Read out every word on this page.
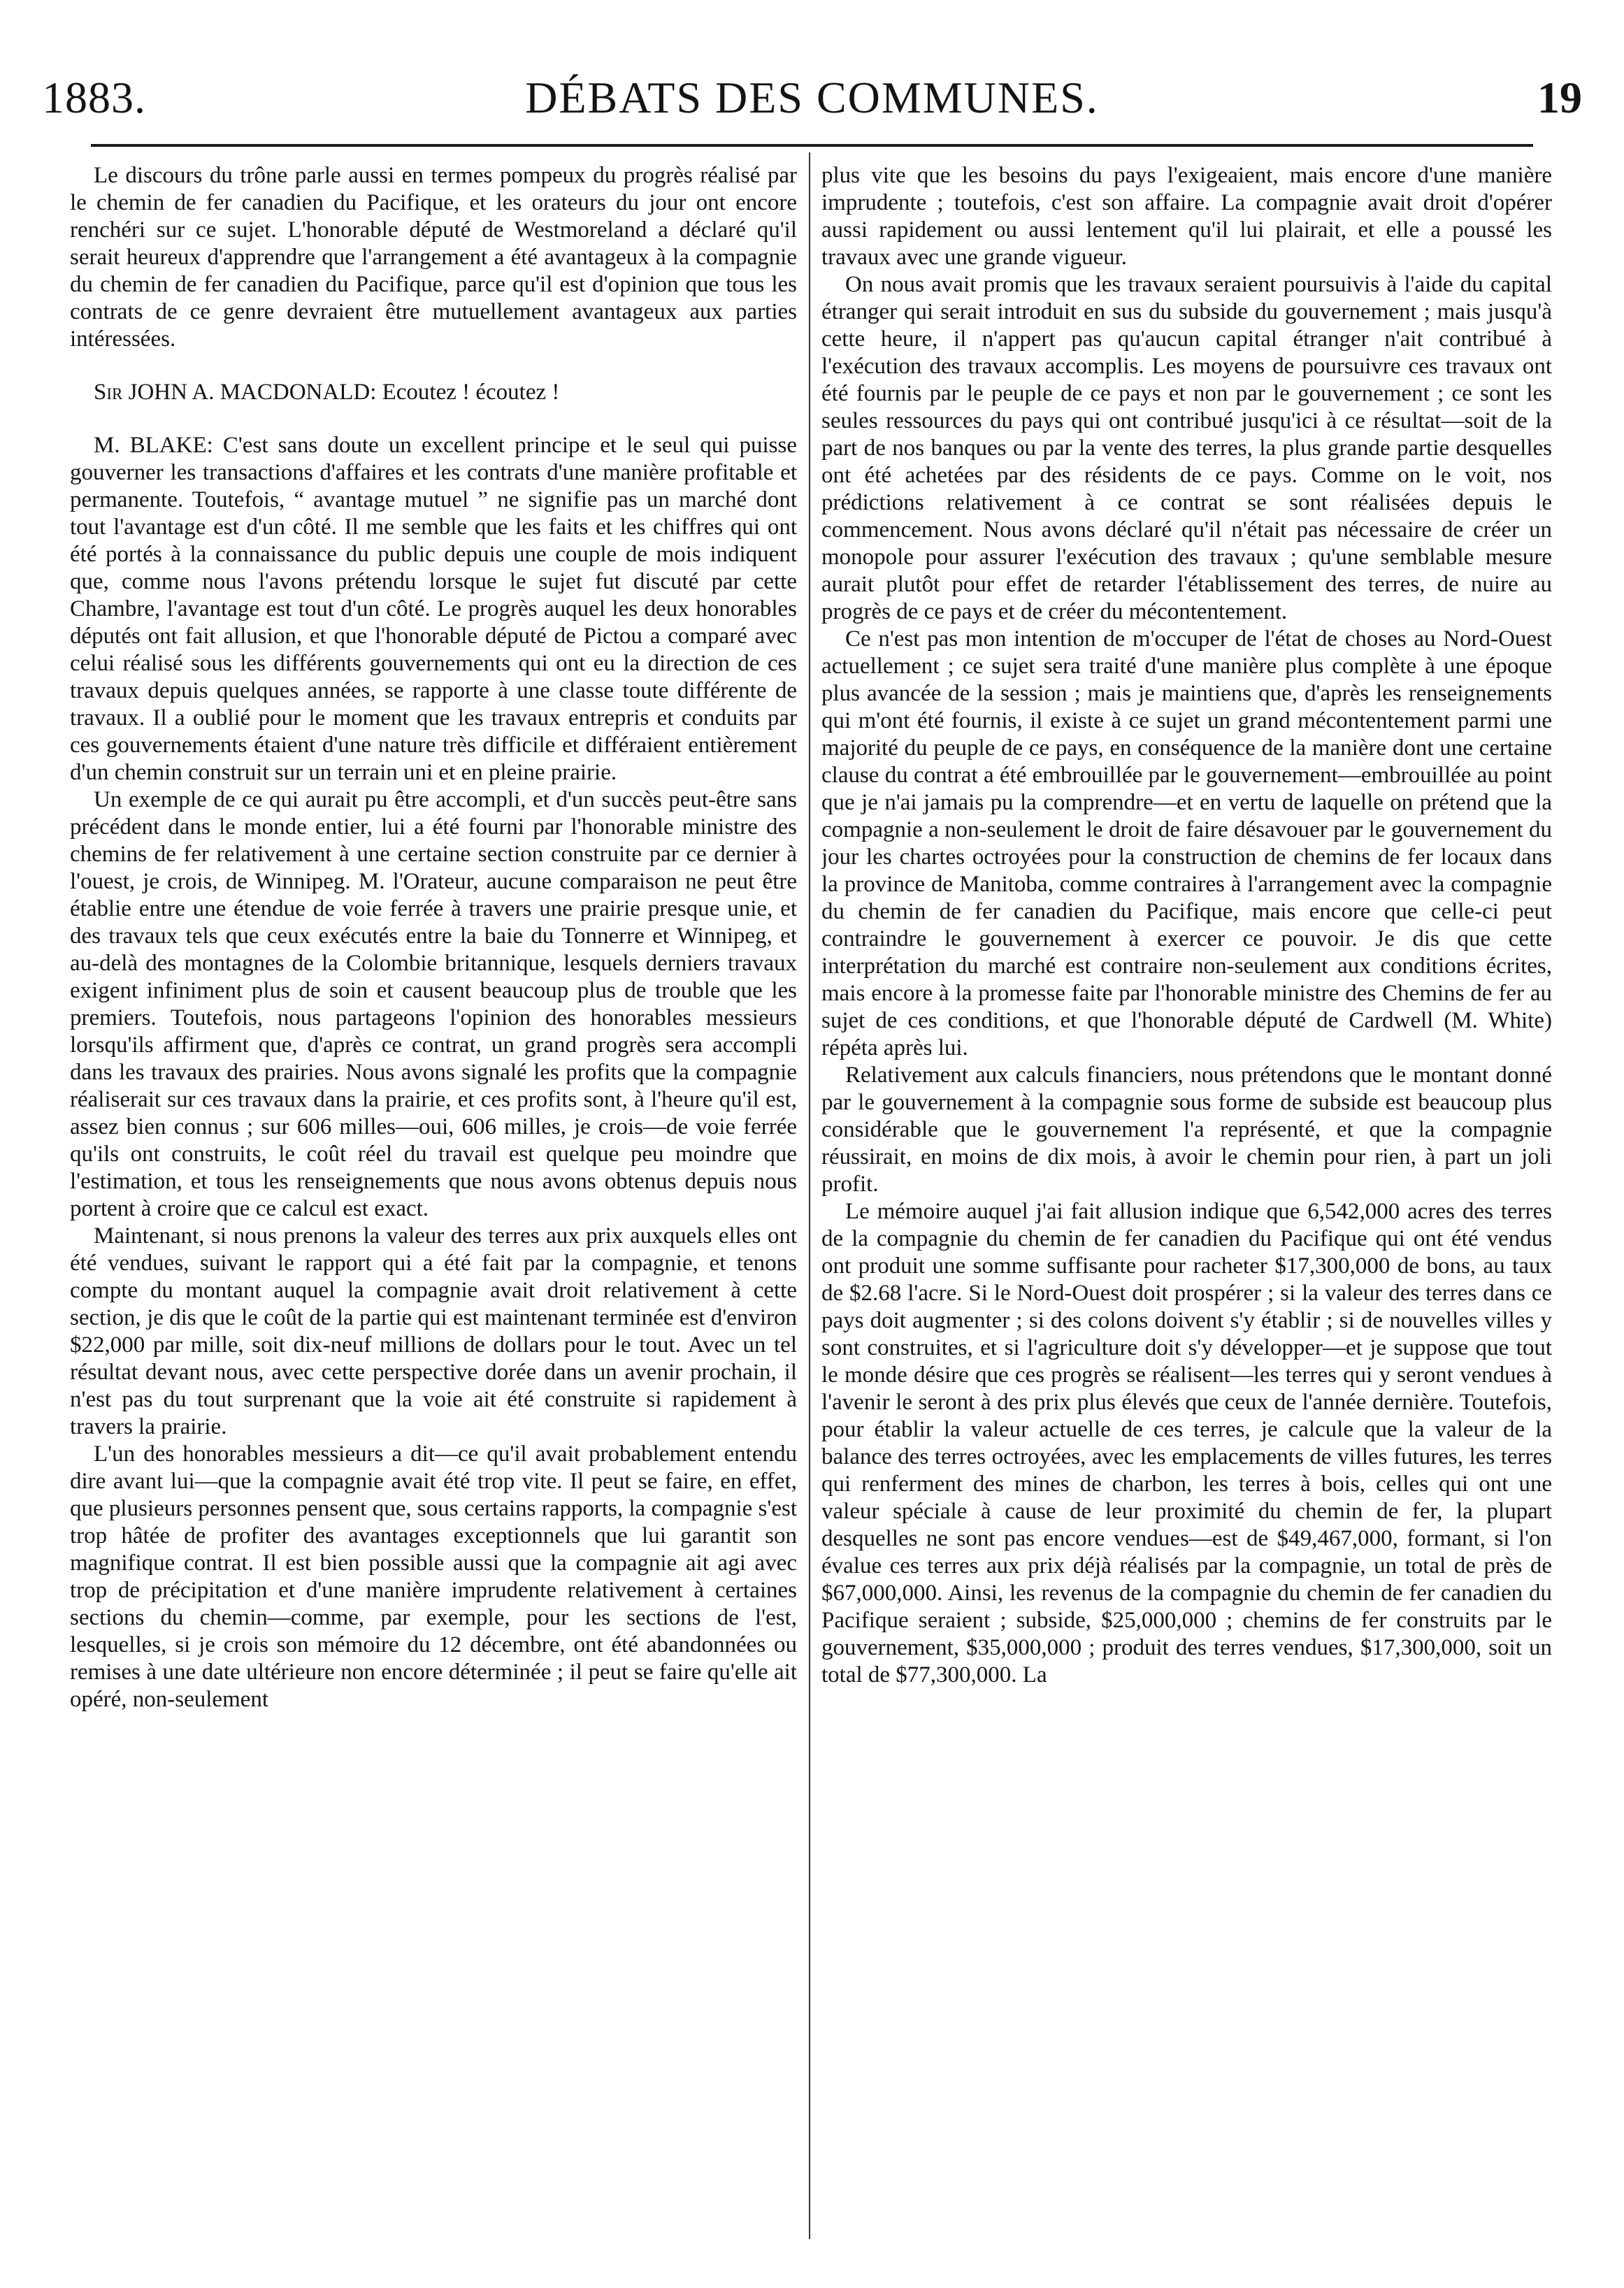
1883.	DÉBATS DES COMMUNES.	19

Le discours du trône parle aussi en termes pompeux du progrès réalisé par le chemin de fer canadien du Pacifique, et les orateurs du jour ont encore renchéri sur ce sujet. L'honorable député de Westmoreland a déclaré qu'il serait heureux d'apprendre que l'arrangement a été avantageux à la compagnie du chemin de fer canadien du Pacifique, parce qu'il est d'opinion que tous les contrats de ce genre devraient être mutuellement avantageux aux parties intéressées.

Sir JOHN A. MACDONALD: Ecoutez ! écoutez !

M. BLAKE: C'est sans doute un excellent principe et le seul qui puisse gouverner les transactions d'affaires et les contrats d'une manière profitable et permanente. Toutefois, “ avantage mutuel ” ne signifie pas un marché dont tout l'avantage est d'un côté. Il me semble que les faits et les chiffres qui ont été portés à la connaissance du public depuis une couple de mois indiquent que, comme nous l'avons prétendu lorsque le sujet fut discuté par cette Chambre, l'avantage est tout d'un côté. Le progrès auquel les deux honorables députés ont fait allusion, et que l'honorable député de Pictou a comparé avec celui réalisé sous les différents gouvernements qui ont eu la direction de ces travaux depuis quelques années, se rapporte à une classe toute différente de travaux. Il a oublié pour le moment que les travaux entrepris et conduits par ces gouvernements étaient d'une nature très difficile et différaient entièrement d'un chemin construit sur un terrain uni et en pleine prairie.

Un exemple de ce qui aurait pu être accompli, et d'un succès peut-être sans précédent dans le monde entier, lui a été fourni par l'honorable ministre des chemins de fer relativement à une certaine section construite par ce dernier à l'ouest, je crois, de Winnipeg. M. l'Orateur, aucune comparaison ne peut être établie entre une étendue de voie ferrée à travers une prairie presque unie, et des travaux tels que ceux exécutés entre la baie du Tonnerre et Winnipeg, et au-delà des montagnes de la Colombie britannique, lesquels derniers travaux exigent infiniment plus de soin et causent beaucoup plus de trouble que les premiers. Toutefois, nous partageons l'opinion des honorables messieurs lorsqu'ils affirment que, d'après ce contrat, un grand progrès sera accompli dans les travaux des prairies. Nous avons signalé les profits que la compagnie réaliserait sur ces travaux dans la prairie, et ces profits sont, à l'heure qu'il est, assez bien connus ; sur 606 milles—oui, 606 milles, je crois—de voie ferrée qu'ils ont construits, le coût réel du travail est quelque peu moindre que l'estimation, et tous les renseignements que nous avons obtenus depuis nous portent à croire que ce calcul est exact.

Maintenant, si nous prenons la valeur des terres aux prix auxquels elles ont été vendues, suivant le rapport qui a été fait par la compagnie, et tenons compte du montant auquel la compagnie avait droit relativement à cette section, je dis que le coût de la partie qui est maintenant terminée est d'environ $22,000 par mille, soit dix-neuf millions de dollars pour le tout. Avec un tel résultat devant nous, avec cette perspective dorée dans un avenir prochain, il n'est pas du tout surprenant que la voie ait été construite si rapidement à travers la prairie.

L'un des honorables messieurs a dit—ce qu'il avait probablement entendu dire avant lui—que la compagnie avait été trop vite. Il peut se faire, en effet, que plusieurs personnes pensent que, sous certains rapports, la compagnie s'est trop hâtée de profiter des avantages exceptionnels que lui garantit son magnifique contrat. Il est bien possible aussi que la compagnie ait agi avec trop de précipitation et d'une manière imprudente relativement à certaines sections du chemin—comme, par exemple, pour les sections de l'est, lesquelles, si je crois son mémoire du 12 décembre, ont été abandonnées ou remises à une date ultérieure non encore déterminée ; il peut se faire qu'elle ait opéré, non-seulement

plus vite que les besoins du pays l'exigeaient, mais encore d'une manière imprudente ; toutefois, c'est son affaire. La compagnie avait droit d'opérer aussi rapidement ou aussi lentement qu'il lui plairait, et elle a poussé les travaux avec une grande vigueur.

On nous avait promis que les travaux seraient poursuivis à l'aide du capital étranger qui serait introduit en sus du subside du gouvernement ; mais jusqu'à cette heure, il n'appert pas qu'aucun capital étranger n'ait contribué à l'exécution des travaux accomplis. Les moyens de poursuivre ces travaux ont été fournis par le peuple de ce pays et non par le gouvernement ; ce sont les seules ressources du pays qui ont contribué jusqu'ici à ce résultat—soit de la part de nos banques ou par la vente des terres, la plus grande partie desquelles ont été achetées par des résidents de ce pays. Comme on le voit, nos prédictions relativement à ce contrat se sont réalisées depuis le commencement. Nous avons déclaré qu'il n'était pas nécessaire de créer un monopole pour assurer l'exécution des travaux ; qu'une semblable mesure aurait plutôt pour effet de retarder l'établissement des terres, de nuire au progrès de ce pays et de créer du mécontentement.

Ce n'est pas mon intention de m'occuper de l'état de choses au Nord-Ouest actuellement ; ce sujet sera traité d'une manière plus complète à une époque plus avancée de la session ; mais je maintiens que, d'après les renseignements qui m'ont été fournis, il existe à ce sujet un grand mécontentement parmi une majorité du peuple de ce pays, en conséquence de la manière dont une certaine clause du contrat a été embrouillée par le gouvernement—embrouillée au point que je n'ai jamais pu la comprendre—et en vertu de laquelle on prétend que la compagnie a non-seulement le droit de faire désavouer par le gouvernement du jour les chartes octroyées pour la construction de chemins de fer locaux dans la province de Manitoba, comme contraires à l'arrangement avec la compagnie du chemin de fer canadien du Pacifique, mais encore que celle-ci peut contraindre le gouvernement à exercer ce pouvoir. Je dis que cette interprétation du marché est contraire non-seulement aux conditions écrites, mais encore à la promesse faite par l'honorable ministre des Chemins de fer au sujet de ces conditions, et que l'honorable député de Cardwell (M. White) répéta après lui.

Relativement aux calculs financiers, nous prétendons que le montant donné par le gouvernement à la compagnie sous forme de subside est beaucoup plus considérable que le gouvernement l'a représenté, et que la compagnie réussirait, en moins de dix mois, à avoir le chemin pour rien, à part un joli profit.

Le mémoire auquel j'ai fait allusion indique que 6,542,000 acres des terres de la compagnie du chemin de fer canadien du Pacifique qui ont été vendus ont produit une somme suffisante pour racheter $17,300,000 de bons, au taux de $2.68 l'acre. Si le Nord-Ouest doit prospérer ; si la valeur des terres dans ce pays doit augmenter ; si des colons doivent s'y établir ; si de nouvelles villes y sont construites, et si l'agriculture doit s'y développer—et je suppose que tout le monde désire que ces progrès se réalisent—les terres qui y seront vendues à l'avenir le seront à des prix plus élevés que ceux de l'année dernière. Toutefois, pour établir la valeur actuelle de ces terres, je calcule que la valeur de la balance des terres octroyées, avec les emplacements de villes futures, les terres qui renferment des mines de charbon, les terres à bois, celles qui ont une valeur spéciale à cause de leur proximité du chemin de fer, la plupart desquelles ne sont pas encore vendues—est de $49,467,000, formant, si l'on évalue ces terres aux prix déjà réalisés par la compagnie, un total de près de $67,000,000. Ainsi, les revenus de la compagnie du chemin de fer canadien du Pacifique seraient ; subside, $25,000,000 ; chemins de fer construits par le gouvernement, $35,000,000 ; produit des terres vendues, $17,300,000, soit un total de $77,300,000. La
